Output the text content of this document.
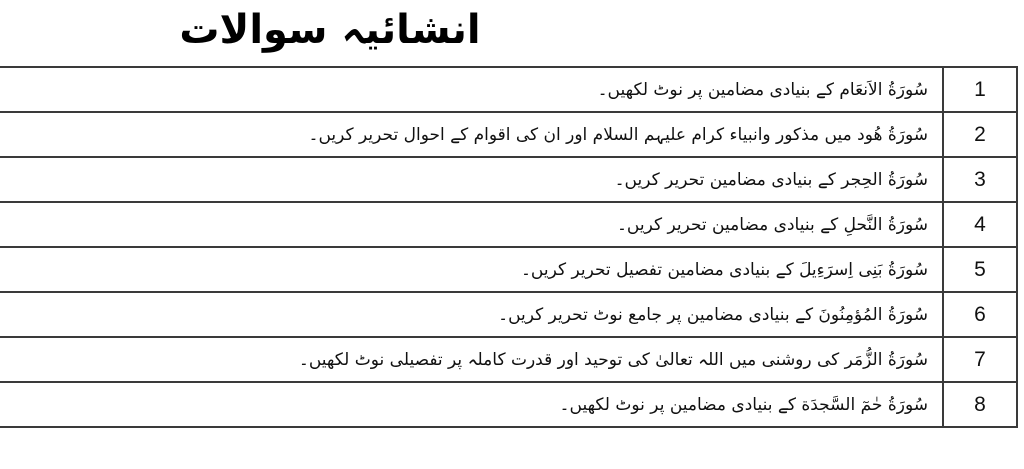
انشائیہ سوالات
سُورَةُ الاَنعَام کے بنیادی مضامین پر نوٹ لکھیں۔	1
سُورَةُ هُود میں مذکور وانبیاء کرام علیہم السلام اور ان کی اقوام کے احوال تحریر کریں۔	2
سُورَةُ الحِجر کے بنیادی مضامین تحریر کریں۔	3
سُورَةُ النَّحلِ کے بنیادی مضامین تحریر کریں۔	4
سُورَةُ بَنِی اِسرَءِیلَ کے بنیادی مضامین تفصیل تحریر کریں۔	5
سُورَةُ المُؤمِنُونَ کے بنیادی مضامین پر جامع نوٹ تحریر کریں۔	6
سُورَةُ الزُّمَر کی روشنی میں اللہ تعالیٰ کی توحید اور قدرت کاملہ پر تفصیلی نوٹ لکھیں۔	7
سُورَةُ حٰمٓ السَّجدَة کے بنیادی مضامین پر نوٹ لکھیں۔	8
